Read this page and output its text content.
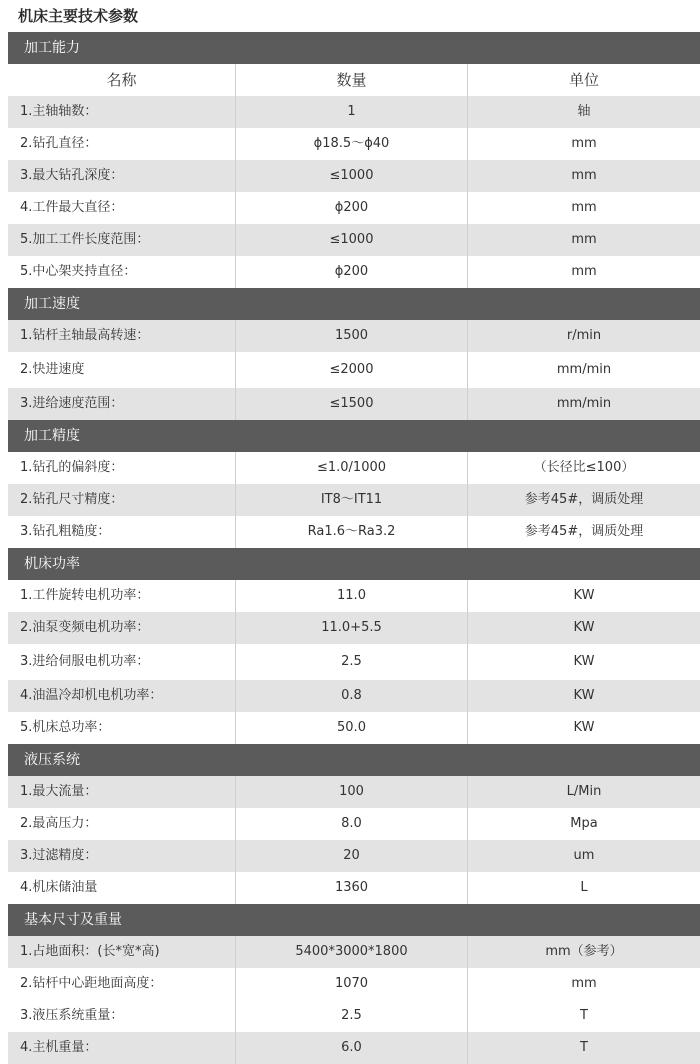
机床主要技术参数
加工能力
名称	数量	单位
1.主轴轴数：	1	轴
2.钻孔直径：	ϕ18.5～ϕ40	mm
3.最大钻孔深度：	≤1000	mm
4.工件最大直径：	ϕ200	mm
5.加工工件长度范围：	≤1000	mm
5.中心架夹持直径：	ϕ200	mm
加工速度
1.钻杆主轴最高转速：	1500	r/min
2.快进速度	≤2000	mm/min
3.进给速度范围：	≤1500	mm/min
加工精度
1.钻孔的偏斜度：	≤1.0/1000	（长径比≤100）
2.钻孔尺寸精度：	IT8～IT11	参考45#，调质处理
3.钻孔粗糙度：	Ra1.6～Ra3.2	参考45#，调质处理
机床功率
1.工件旋转电机功率：	11.0	KW
2.油泵变频电机功率：	11.0+5.5	KW
3.进给伺服电机功率：	2.5	KW
4.油温冷却机电机功率：	0.8	KW
5.机床总功率：	50.0	KW
液压系统
1.最大流量：	100	L/Min
2.最高压力：	8.0	Mpa
3.过滤精度：	20	um
4.机床储油量	1360	L
基本尺寸及重量
1.占地面积：(长*宽*高)	5400*3000*1800	mm（参考）
2.钻杆中心距地面高度：	1070	mm
3.液压系统重量：	2.5	T
4.主机重量：	6.0	T
